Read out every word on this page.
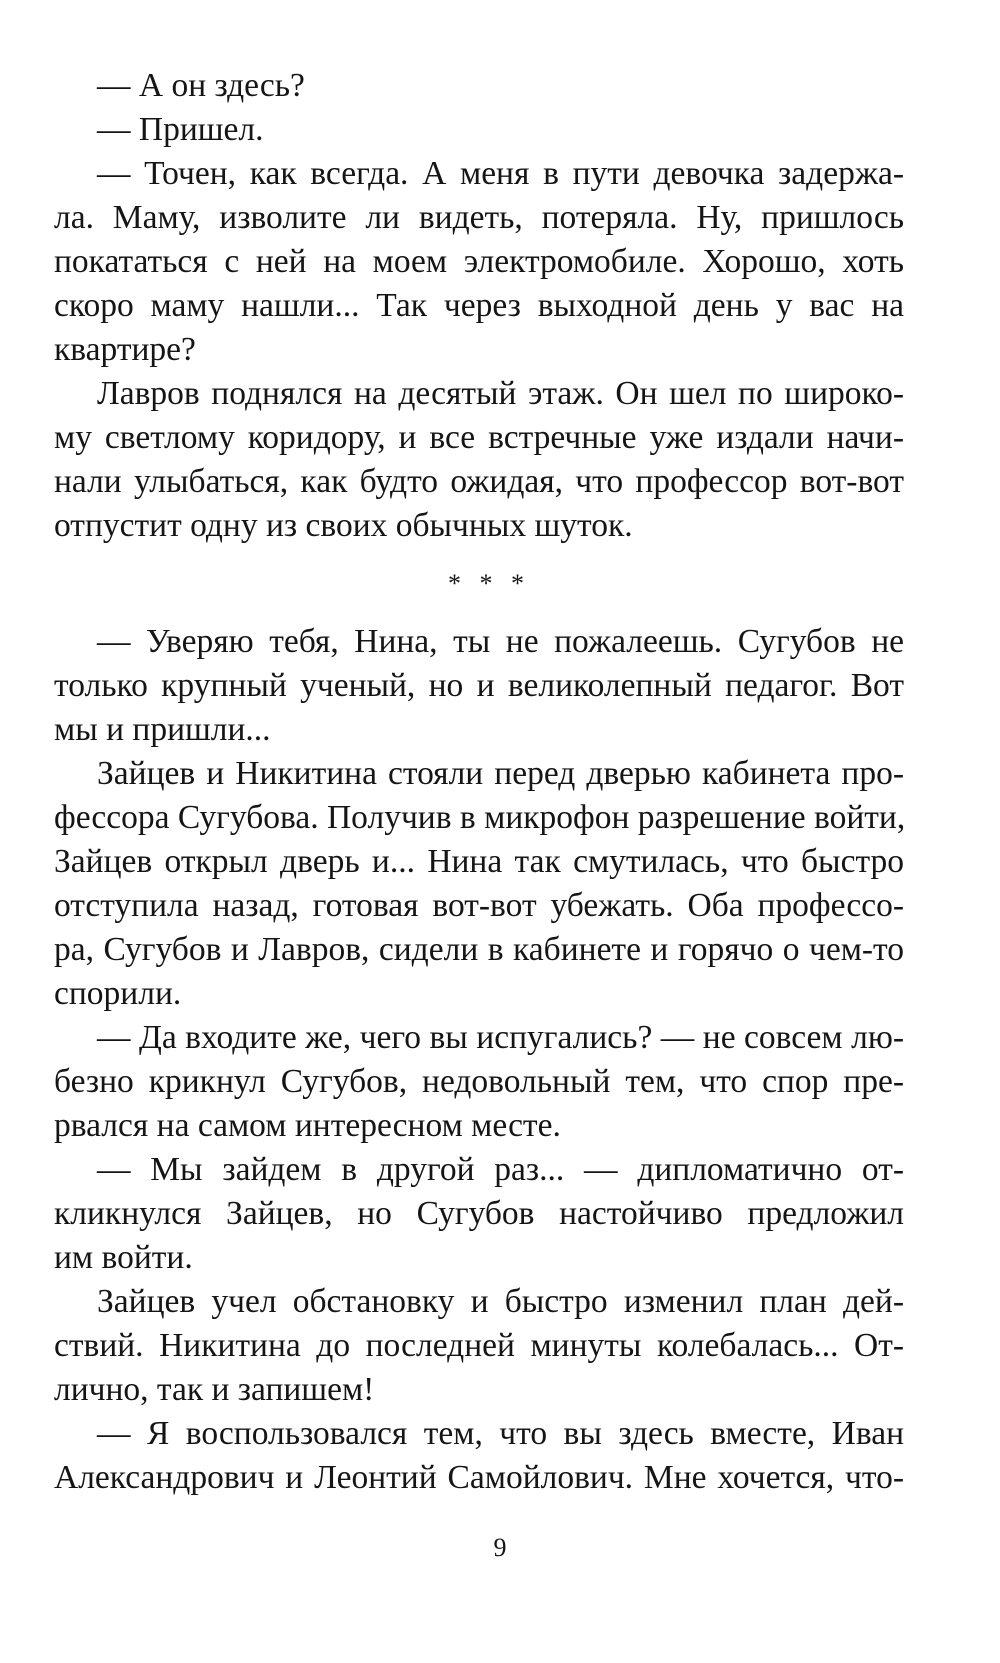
— А он здесь?
— Пришел.
— Точен, как всегда. А меня в пути девочка задержа-
ла. Маму, изволите ли видеть, потеряла. Ну, пришлось
покататься с ней на моем электромобиле. Хорошо, хоть
скоро маму нашли... Так через выходной день у вас на
квартире?
Лавров поднялся на десятый этаж. Он шел по широко-
му светлому коридору, и все встречные уже издали начи-
нали улыбаться, как будто ожидая, что профессор вот-вот
отпустит одну из своих обычных шуток.
* * *
— Уверяю тебя, Нина, ты не пожалеешь. Сугубов не
только крупный ученый, но и великолепный педагог. Вот
мы и пришли...
Зайцев и Никитина стояли перед дверью кабинета про-
фессора Сугубова. Получив в микрофон разрешение войти,
Зайцев открыл дверь и... Нина так смутилась, что быстро
отступила назад, готовая вот-вот убежать. Оба профессо-
ра, Сугубов и Лавров, сидели в кабинете и горячо о чем-то
спорили.
— Да входите же, чего вы испугались? — не совсем лю-
безно крикнул Сугубов, недовольный тем, что спор пре-
рвался на самом интересном месте.
— Мы зайдем в другой раз... — дипломатично от-
кликнулся Зайцев, но Сугубов настойчиво предложил
им войти.
Зайцев учел обстановку и быстро изменил план дей-
ствий. Никитина до последней минуты колебалась... От-
лично, так и запишем!
— Я воспользовался тем, что вы здесь вместе, Иван
Александрович и Леонтий Самойлович. Мне хочется, что-
9
